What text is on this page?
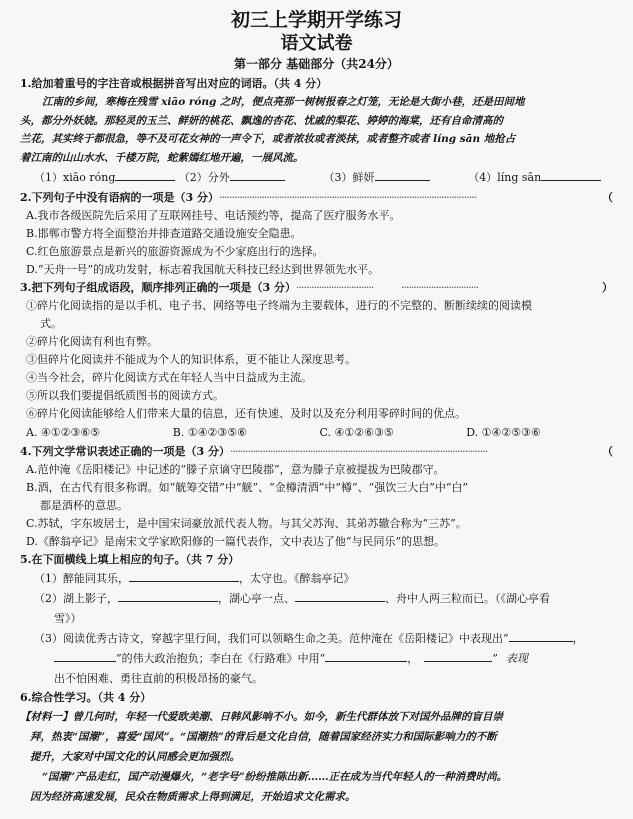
初三上学期开学练习
语文试卷
第一部分 基础部分（共24分）
1.给加着重号的字注音或根据拼音写出对应的词语。（共 4 分）
江南的乡间，寒梅在残雪 xiāo róng 之时，便点亮那一树树报春之灯笼，无论是大街小巷，还是田间地
头，都分外妖娆。那轻灵的玉兰、鲜妍的桃花、飘逸的杏花、忧戚的梨花、婷婷的海棠，还有自命清高的
兰花，其实终于都很急，等不及可花女神的一声令下，或者浓妆或者淡抹，或者整齐或者 líng sān 地抢占
着江南的山山水水、千楼万院，蛇紫嫣红地开遍，一展风流。
（1）xiāo róng	（2）分外	（3）鲜妍	（4）líng sān
2.下列句子中没有语病的一项是（3 分） ·······································································································	（
A.我市各级医院先后采用了互联网挂号、电话预约等，提高了医疗服务水平。
B.邯郸市警方将全面整治并排查道路交通设施安全隐患。
C.红色旅游景点是新兴的旅游资源成为不少家庭出行的选择。
D.“天舟一号”的成功发射，标志着我国航天科技已经达到世界领先水平。
3.把下列句子组成语段，顺序排列正确的一项是（3 分） ·······························           ·······························	）
①碎片化阅读指的是以手机、电子书、网络等电子终端为主要载体，进行的不完整的、断断续续的阅读模
式。
②碎片化阅读有利也有弊。
③但碎片化阅读并不能成为个人的知识体系，更不能让人深度思考。
④当今社会，碎片化阅读方式在年轻人当中日益成为主流。
⑤所以我们要提倡纸质图书的阅读方式。
⑥碎片化阅读能够给人们带来大量的信息，还有快速、及时以及充分利用零碎时间的优点。
A. ④①②③⑥⑤	B. ①④②③⑤⑥	C. ④①②⑥③⑤	D. ①④②⑤③⑥
4.下列文学常识表述正确的一项是（3 分） ·······································································································	（
A.范仲淹《岳阳楼记》中记述的“滕子京谪守巴陵郡”，意为滕子京被提拔为巴陵郡守。
B.酒，在古代有很多称谓。如“觥筹交错”中“觥”、“金樽清酒”中“樽”、“强饮三大白”中“白”
都是酒杯的意思。
C.苏轼，字东坡居士，是中国宋词豪放派代表人物。与其父苏洵、其弟苏辙合称为“三苏”。
D.《醉翁亭记》是南宋文学家欧阳修的一篇代表作，文中表达了他“与民同乐”的思想。
5.在下面横线上填上相应的句子。（共 7 分）
（1）醉能同其乐，	，太守也。《醉翁亭记》
（2）湖上影子，	，湖心亭一点、	、舟中人两三粒而已。（《湖心亭看
雪》）
（3）阅读优秀古诗文，穿越字里行间，我们可以领略生命之美。范仲淹在《岳阳楼记》中表现出“	，
”的伟大政治抱负；李白在《行路难》中用“	，	” 表现
出不怕困难、勇往直前的积极昂扬的豪气。
6.综合性学习。（共 4 分）
【材料一】曾几何时，年轻一代爱欧美潮、日韩风影响不小。如今，新生代群体放下对国外品牌的盲目崇
拜，热衷“国潮”，喜爱“国风”。“国潮热”的背后是文化自信，随着国家经济实力和国际影响力的不断
提升，大家对中国文化的认同感会更加强烈。
“国潮”产品走红，国产动漫爆火，“老字号”纷纷推陈出新……正在成为当代年轻人的一种消费时尚。
因为经济高速发展，民众在物质需求上得到满足，开始追求文化需求。
